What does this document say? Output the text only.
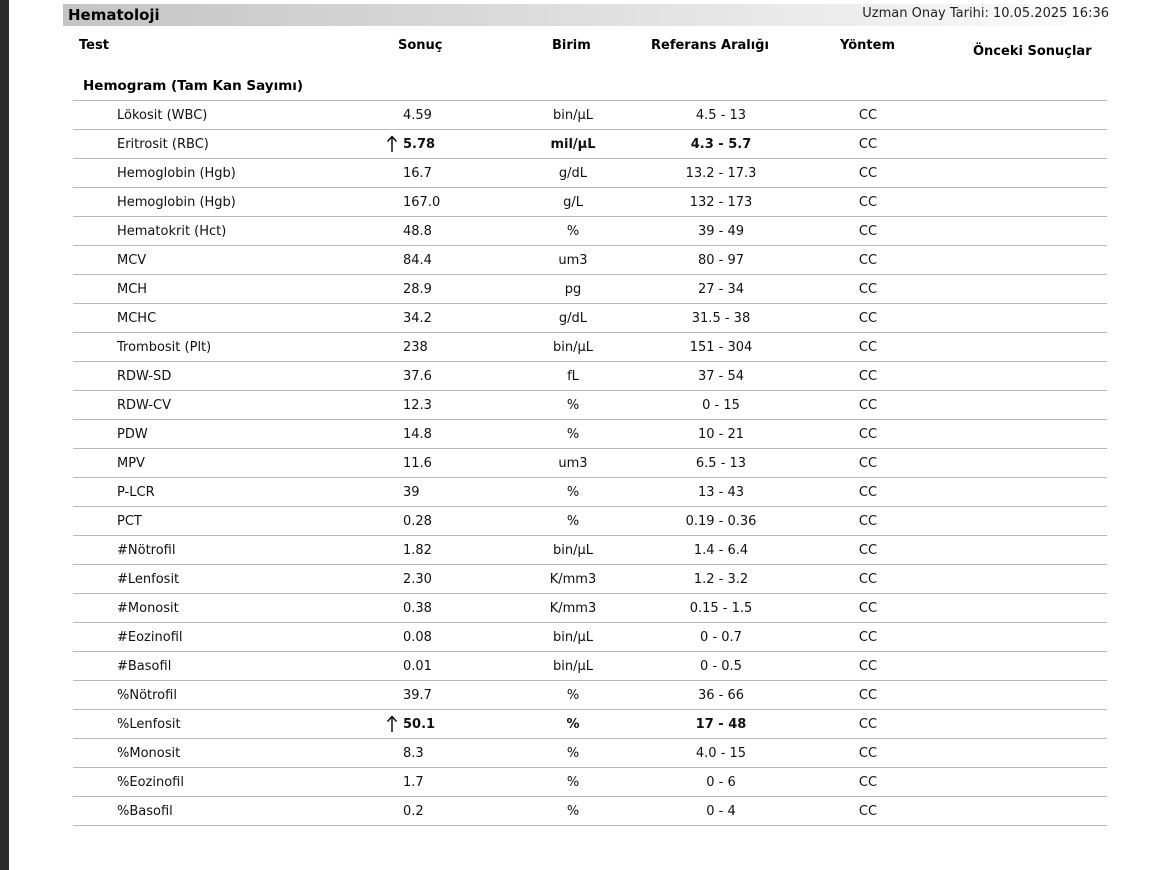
Hematoloji	Uzman Onay Tarihi: 10.05.2025 16:36
Test	Sonuç	Birim	Referans Aralığı	Yöntem	Önceki Sonuçlar
Hemogram (Tam Kan Sayımı)
Lökosit (WBC)	4.59	bin/µL	4.5 - 13	CC
Eritrosit (RBC)	5.78	mil/µL	4.3 - 5.7	CC
Hemoglobin (Hgb)	16.7	g/dL	13.2 - 17.3	CC
Hemoglobin (Hgb)	167.0	g/L	132 - 173	CC
Hematokrit (Hct)	48.8	%	39 - 49	CC
MCV	84.4	um3	80 - 97	CC
MCH	28.9	pg	27 - 34	CC
MCHC	34.2	g/dL	31.5 - 38	CC
Trombosit (Plt)	238	bin/µL	151 - 304	CC
RDW-SD	37.6	fL	37 - 54	CC
RDW-CV	12.3	%	0 - 15	CC
PDW	14.8	%	10 - 21	CC
MPV	11.6	um3	6.5 - 13	CC
P-LCR	39	%	13 - 43	CC
PCT	0.28	%	0.19 - 0.36	CC
#Nötrofil	1.82	bin/µL	1.4 - 6.4	CC
#Lenfosit	2.30	K/mm3	1.2 - 3.2	CC
#Monosit	0.38	K/mm3	0.15 - 1.5	CC
#Eozinofil	0.08	bin/µL	0 - 0.7	CC
#Basofil	0.01	bin/µL	0 - 0.5	CC
%Nötrofil	39.7	%	36 - 66	CC
%Lenfosit	50.1	%	17 - 48	CC
%Monosit	8.3	%	4.0 - 15	CC
%Eozinofil	1.7	%	0 - 6	CC
%Basofil	0.2	%	0 - 4	CC
